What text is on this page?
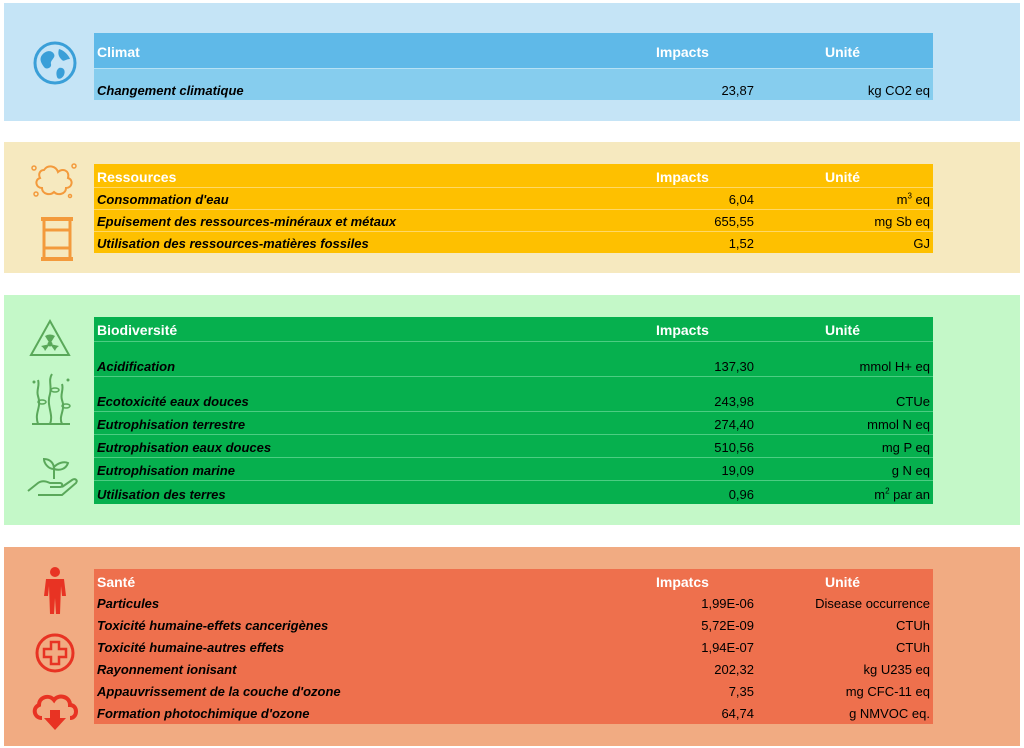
Climat	Impacts	Unité
Changement climatique	23,87	kg CO2 eq
Ressources	Impacts	Unité
Consommation d'eau	6,04	$m^3$ eq
Epuisement des ressources-minéraux et métaux	655,55	mg Sb eq
Utilisation des ressources-matières fossiles	1,52	GJ
Biodiversité	Impacts	Unité
Acidification	137,30	mmol H+ eq
Ecotoxicité eaux douces	243,98	CTUe
Eutrophisation terrestre	274,40	mmol N eq
Eutrophisation eaux douces	510,56	mg P eq
Eutrophisation marine	19,09	g N eq
Utilisation des terres	0,96	$m^2$ par an
Santé	Impatcs	Unité
Particules	1,99E-06	Disease occurrence
Toxicité humaine-effets cancerigènes	5,72E-09	CTUh
Toxicité humaine-autres effets	1,94E-07	CTUh
Rayonnement ionisant	202,32	kg U235 eq
Appauvrissement de la couche d'ozone	7,35	mg CFC-11 eq
Formation photochimique d'ozone	64,74	g NMVOC eq.
